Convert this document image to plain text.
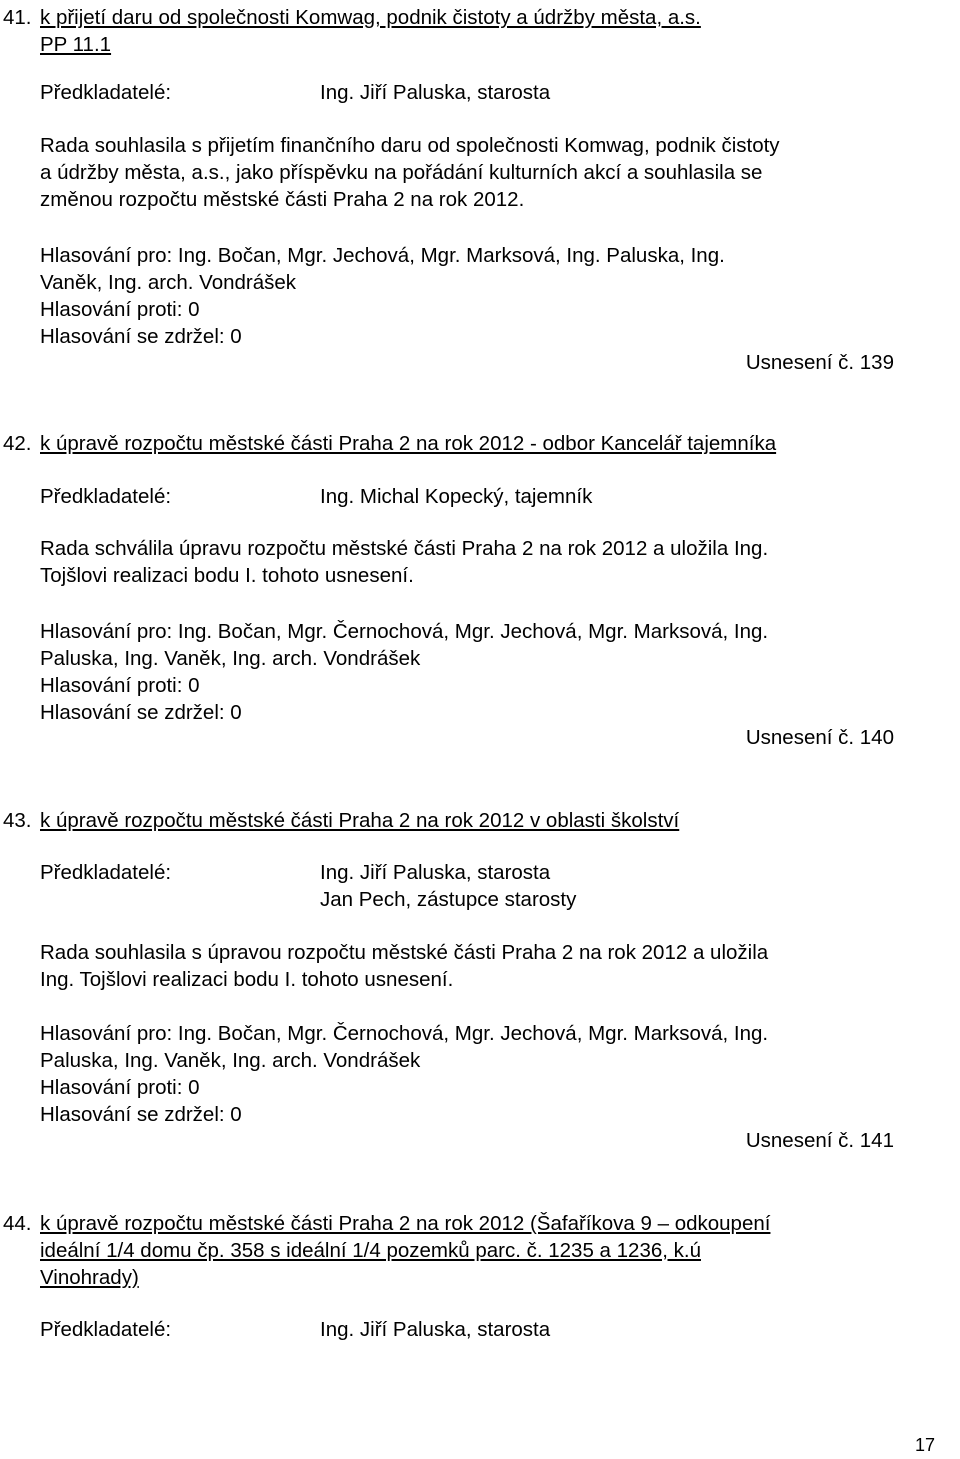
41. k přijetí daru od společnosti Komwag, podnik čistoty a údržby města, a.s.
PP 11.1
Předkladatelé:	Ing. Jiří Paluska, starosta
Rada souhlasila s přijetím finančního daru od společnosti Komwag, podnik čistoty
a údržby města, a.s., jako příspěvku na pořádání kulturních akcí a souhlasila se
změnou rozpočtu městské části Praha 2 na rok 2012.
Hlasování pro: Ing. Bočan, Mgr. Jechová, Mgr. Marksová, Ing. Paluska, Ing.
Vaněk, Ing. arch. Vondrášek
Hlasování proti: 0
Hlasování se zdržel: 0
Usnesení č. 139
42. k úpravě rozpočtu městské části Praha 2 na rok 2012 - odbor Kancelář tajemníka
Předkladatelé:	Ing. Michal Kopecký, tajemník
Rada schválila úpravu rozpočtu městské části Praha 2 na rok 2012 a uložila Ing.
Tojšlovi realizaci bodu I. tohoto usnesení.
Hlasování pro: Ing. Bočan, Mgr. Černochová, Mgr. Jechová, Mgr. Marksová, Ing.
Paluska, Ing. Vaněk, Ing. arch. Vondrášek
Hlasování proti: 0
Hlasování se zdržel: 0
Usnesení č. 140
43. k úpravě rozpočtu městské části Praha 2 na rok 2012 v oblasti školství
Předkladatelé:	Ing. Jiří Paluska, starosta
Jan Pech, zástupce starosty
Rada souhlasila s úpravou rozpočtu městské části Praha 2 na rok 2012 a uložila
Ing. Tojšlovi realizaci bodu I. tohoto usnesení.
Hlasování pro: Ing. Bočan, Mgr. Černochová, Mgr. Jechová, Mgr. Marksová, Ing.
Paluska, Ing. Vaněk, Ing. arch. Vondrášek
Hlasování proti: 0
Hlasování se zdržel: 0
Usnesení č. 141
44. k úpravě rozpočtu městské části Praha 2 na rok 2012 (Šafaříkova 9 – odkoupení
ideální 1/4 domu čp. 358 s ideální 1/4 pozemků parc. č. 1235 a 1236, k.ú
Vinohrady)
Předkladatelé:	Ing. Jiří Paluska, starosta
17
